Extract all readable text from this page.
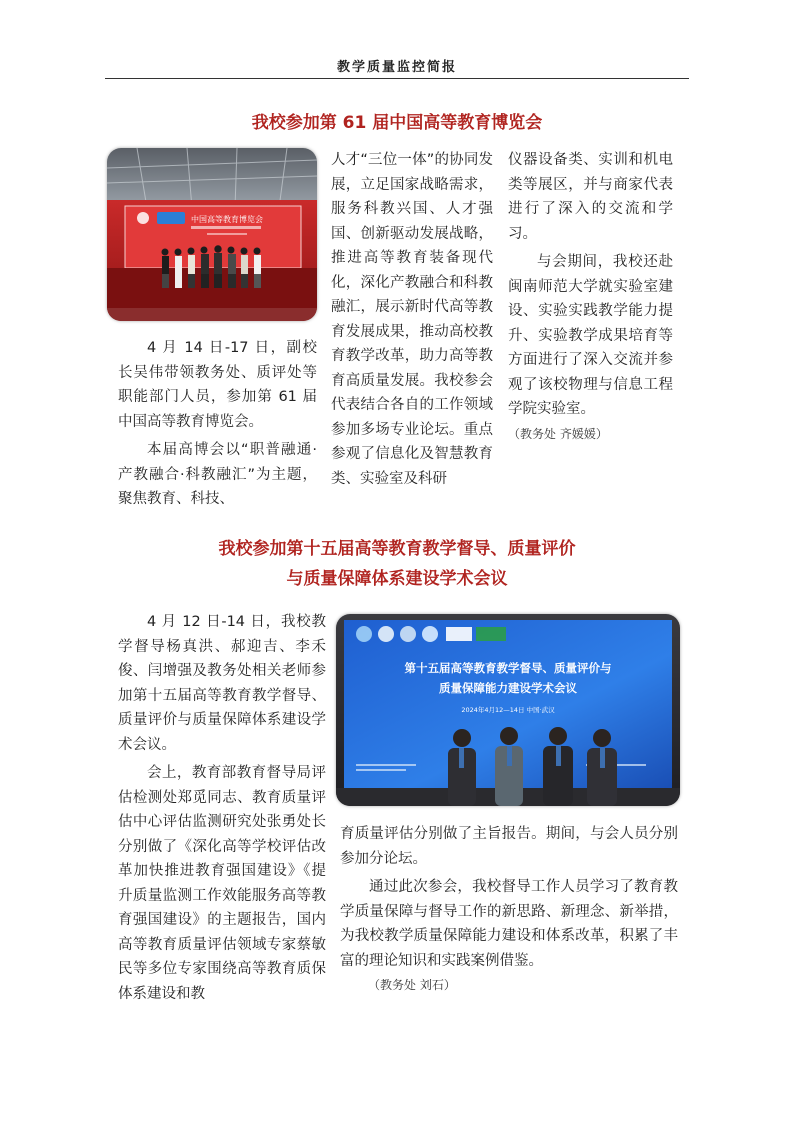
教学质量监控简报
我校参加第 61 届中国高等教育博览会
中国高等教育博览会

4 月 14 日-17 日，副校长吴伟带领教务处、质评处等职能部门人员，参加第 61 届中国高等教育博览会。

本届高博会以“职普融通·产教融合·科教融汇”为主题，聚焦教育、科技、

人才“三位一体”的协同发展，立足国家战略需求，服务科教兴国、人才强国、创新驱动发展战略，推进高等教育装备现代化，深化产教融合和科教融汇，展示新时代高等教育发展成果，推动高校教育教学改革，助力高等教育高质量发展。我校参会代表结合各自的工作领域参加多场专业论坛。重点参观了信息化及智慧教育类、实验室及科研

仪器设备类、实训和机电类等展区，并与商家代表进行了深入的交流和学习。

与会期间，我校还赴闽南师范大学就实验室建设、实验实践教学能力提升、实验教学成果培育等方面进行了深入交流并参观了该校物理与信息工程学院实验室。

（教务处 齐媛媛）

我校参加第十五届高等教育教学督导、质量评价
与质量保障体系建设学术会议

4 月 12 日-14 日，我校教学督导杨真洪、郝迎吉、李禾俊、闫增强及教务处相关老师参加第十五届高等教育教学督导、质量评价与质量保障体系建设学术会议。

会上，教育部教育督导局评估检测处郑觅同志、教育质量评估中心评估监测研究处张勇处长分别做了《深化高等学校评估改革加快推进教育强国建设》《提升质量监测工作效能服务高等教育强国建设》的主题报告，国内高等教育质量评估领域专家蔡敏民等多位专家围绕高等教育质保体系建设和教

第十五届高等教育教学督导、质量评价与
质量保障能力建设学术会议
2024年4月12—14日 中国·武汉

育质量评估分别做了主旨报告。期间，与会人员分别参加分论坛。

通过此次参会，我校督导工作人员学习了教育教学质量保障与督导工作的新思路、新理念、新举措，为我校教学质量保障能力建设和体系改革，积累了丰富的理论知识和实践案例借鉴。

（教务处 刘石）
